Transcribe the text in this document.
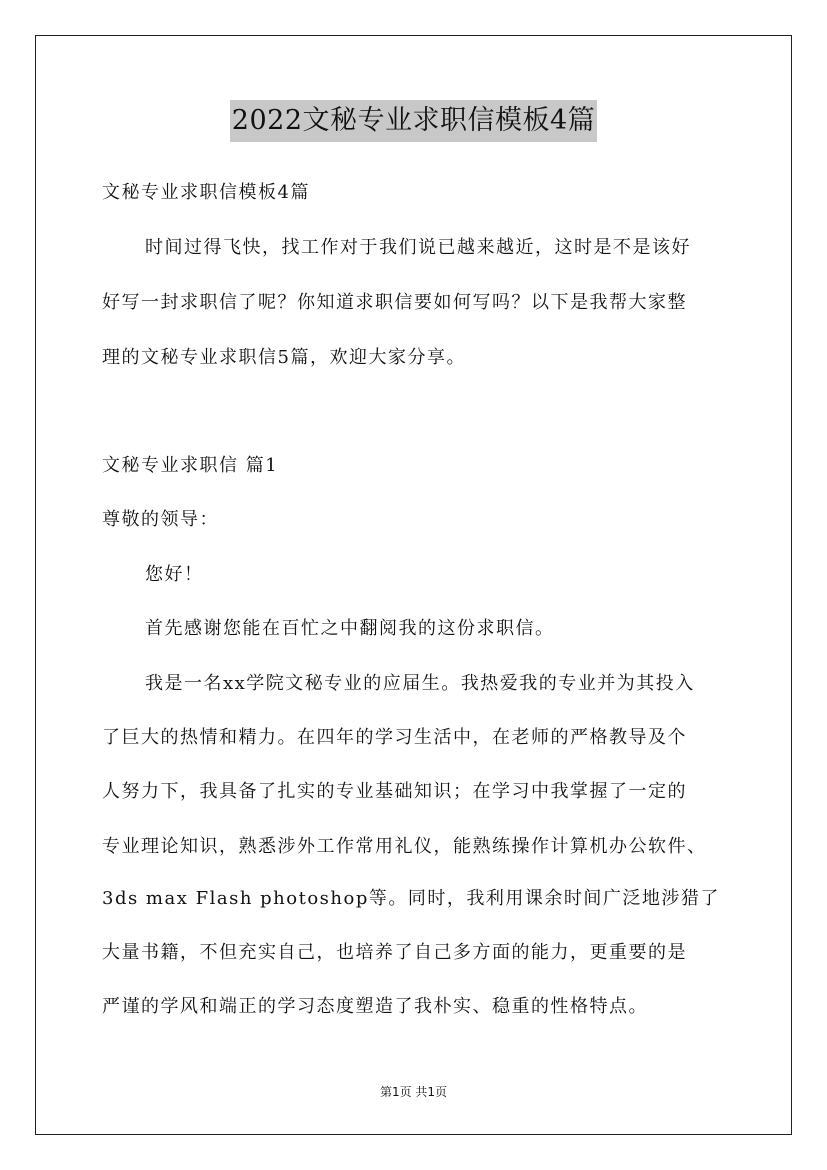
2022文秘专业求职信模板4篇
文秘专业求职信模板4篇
时间过得飞快，找工作对于我们说已越来越近，这时是不是该好
好写一封求职信了呢？你知道求职信要如何写吗？以下是我帮大家整
理的文秘专业求职信5篇，欢迎大家分享。
文秘专业求职信 篇1
尊敬的领导：
您好！
首先感谢您能在百忙之中翻阅我的这份求职信。
我是一名xx学院文秘专业的应届生。我热爱我的专业并为其投入
了巨大的热情和精力。在四年的学习生活中，在老师的严格教导及个
人努力下，我具备了扎实的专业基础知识；在学习中我掌握了一定的
专业理论知识，熟悉涉外工作常用礼仪，能熟练操作计算机办公软件、
3ds max Flash photoshop等。同时，我利用课余时间广泛地涉猎了
大量书籍，不但充实自己，也培养了自己多方面的能力，更重要的是
严谨的学风和端正的学习态度塑造了我朴实、稳重的性格特点。
第1页 共1页
